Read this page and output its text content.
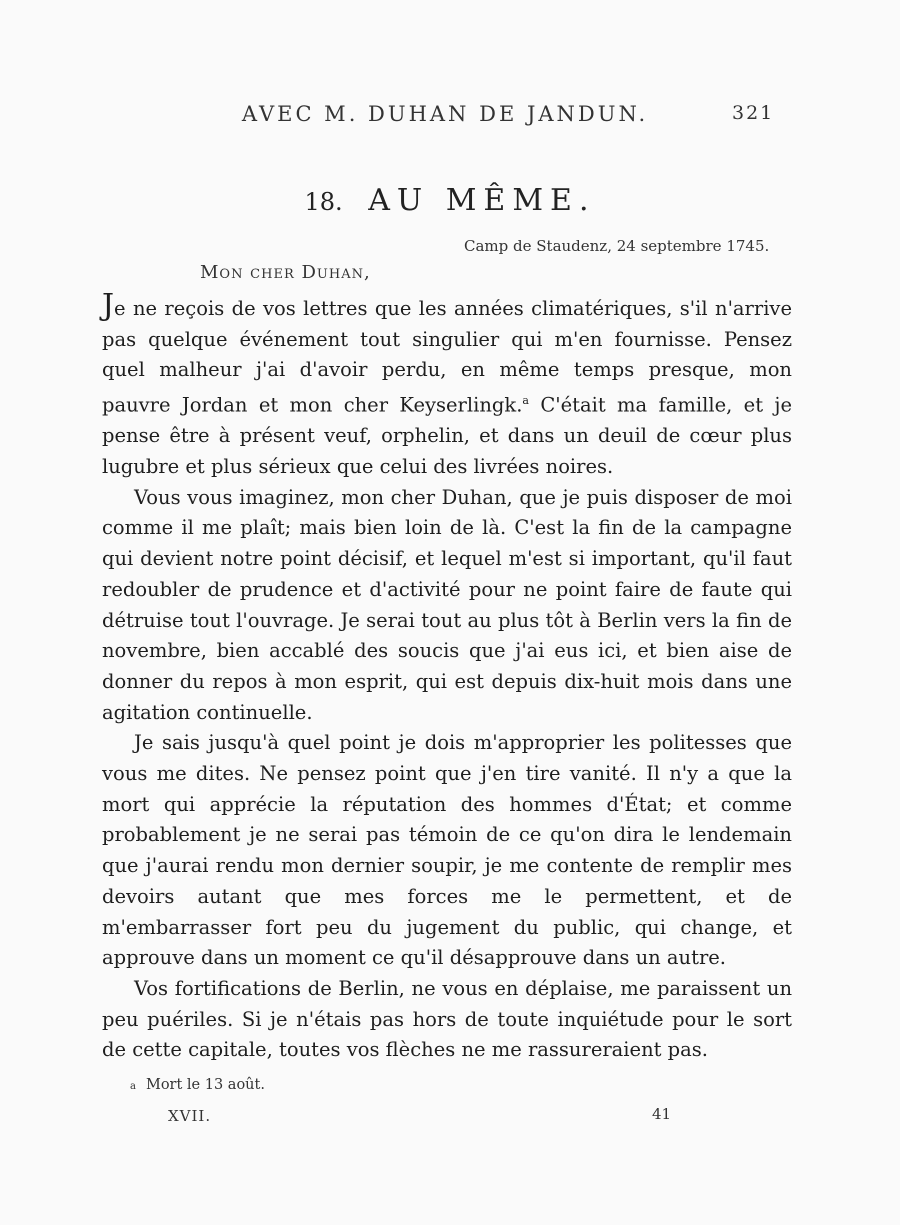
AVEC M. DUHAN DE JANDUN.	321
18. AU MÊME.
Camp de Staudenz, 24 septembre 1745.
Mon cher Duhan,

Je ne reçois de vos lettres que les années climatériques, s'il n'arrive pas quelque événement tout singulier qui m'en fournisse. Pensez quel malheur j'ai d'avoir perdu, en même temps presque, mon pauvre Jordan et mon cher Keyserlingk.$^a$ C'était ma famille, et je pense être à présent veuf, orphelin, et dans un deuil de cœur plus lugubre et plus sérieux que celui des livrées noires.

Vous vous imaginez, mon cher Duhan, que je puis disposer de moi comme il me plaît; mais bien loin de là. C'est la fin de la campagne qui devient notre point décisif, et lequel m'est si important, qu'il faut redoubler de prudence et d'activité pour ne point faire de faute qui détruise tout l'ouvrage. Je serai tout au plus tôt à Berlin vers la fin de novembre, bien accablé des soucis que j'ai eus ici, et bien aise de donner du repos à mon esprit, qui est depuis dix-huit mois dans une agitation continuelle.

Je sais jusqu'à quel point je dois m'approprier les politesses que vous me dites. Ne pensez point que j'en tire vanité. Il n'y a que la mort qui apprécie la réputation des hommes d'État; et comme probablement je ne serai pas témoin de ce qu'on dira le lendemain que j'aurai rendu mon dernier soupir, je me contente de remplir mes devoirs autant que mes forces me le permettent, et de m'embarrasser fort peu du jugement du public, qui change, et approuve dans un moment ce qu'il désapprouve dans un autre.

Vos fortifications de Berlin, ne vous en déplaise, me paraissent un peu puériles. Si je n'étais pas hors de toute inquiétude pour le sort de cette capitale, toutes vos flèches ne me rassureraient pas.

a Mort le 13 août.
XVII.	41
